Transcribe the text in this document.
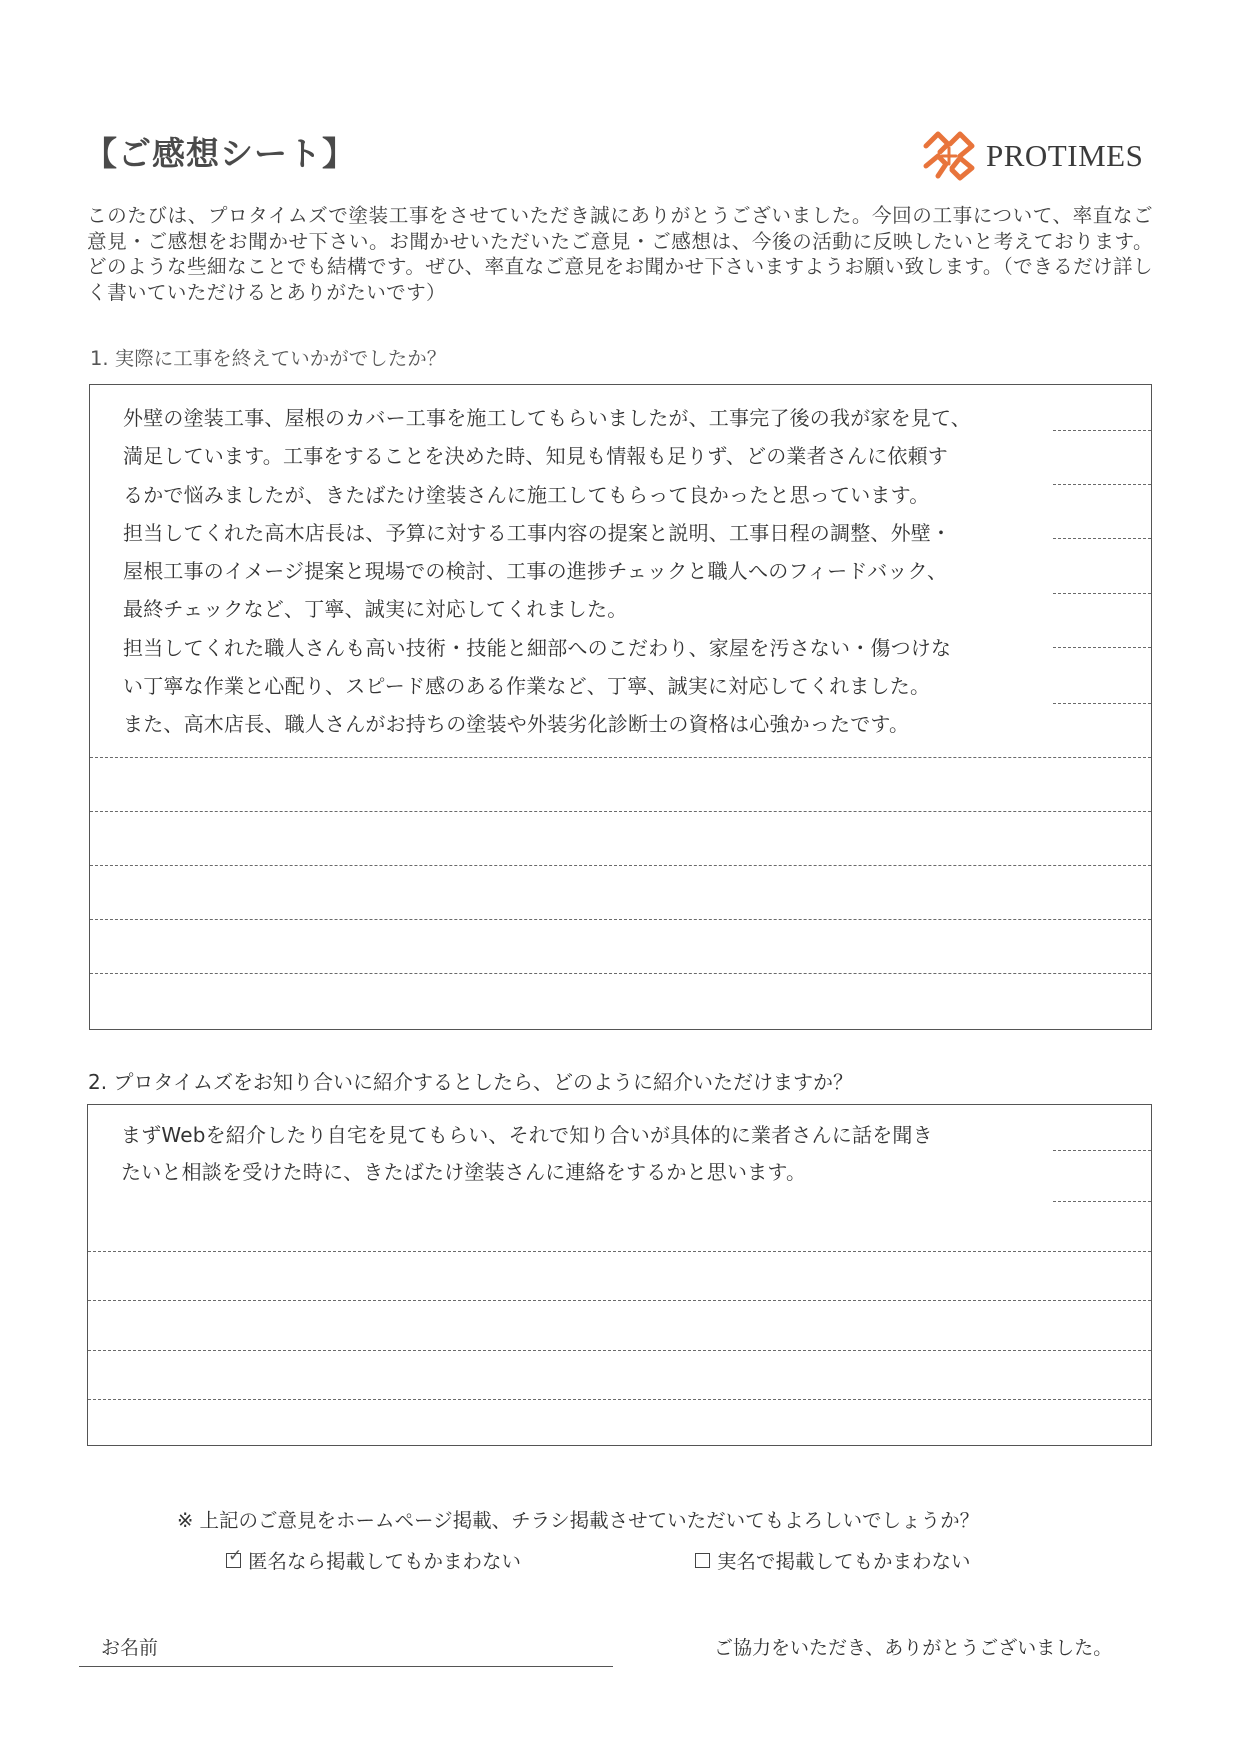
【ご感想シート】	PROTIMES
このたびは、プロタイムズで塗装工事をさせていただき誠にありがとうございました。今回の工事について、率直なご意見・ご感想をお聞かせ下さい。お聞かせいただいたご意見・ご感想は、今後の活動に反映したいと考えております。どのような些細なことでも結構です。ぜひ、率直なご意見をお聞かせ下さいますようお願い致します。（できるだけ詳しく書いていただけるとありがたいです）
1. 実際に工事を終えていかがでしたか？
外壁の塗装工事、屋根のカバー工事を施工してもらいましたが、工事完了後の我が家を見て、
満足しています。工事をすることを決めた時、知見も情報も足りず、どの業者さんに依頼す
るかで悩みましたが、きたばたけ塗装さんに施工してもらって良かったと思っています。
担当してくれた高木店長は、予算に対する工事内容の提案と説明、工事日程の調整、外壁・
屋根工事のイメージ提案と現場での検討、工事の進捗チェックと職人へのフィードバック、
最終チェックなど、丁寧、誠実に対応してくれました。
担当してくれた職人さんも高い技術・技能と細部へのこだわり、家屋を汚さない・傷つけな
い丁寧な作業と心配り、スピード感のある作業など、丁寧、誠実に対応してくれました。
また、高木店長、職人さんがお持ちの塗装や外装劣化診断士の資格は心強かったです。
2. プロタイムズをお知り合いに紹介するとしたら、どのように紹介いただけますか？
まずWebを紹介したり自宅を見てもらい、それで知り合いが具体的に業者さんに話を聞き
たいと相談を受けた時に、きたばたけ塗装さんに連絡をするかと思います。
※ 上記のご意見をホームページ掲載、チラシ掲載させていただいてもよろしいでしょうか？
✓ 匿名なら掲載してもかまわない	実名で掲載してもかまわない
お名前	ご協力をいただき、ありがとうございました。
